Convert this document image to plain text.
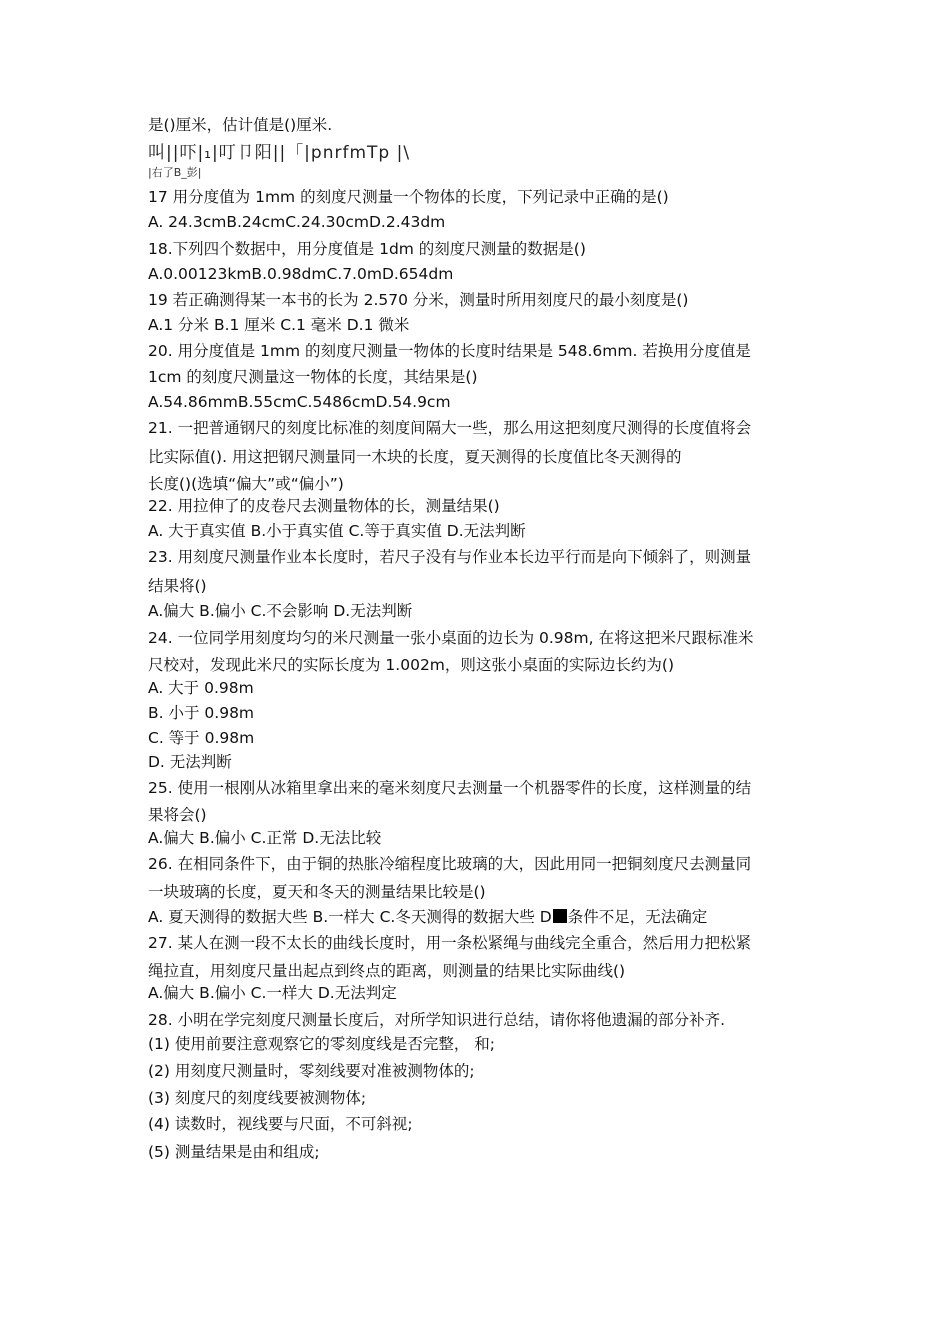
是()厘米，估计值是()厘米.
叫||吓|₁|叮卩阳||「|pnrfmTp |\
|右了B_彭|
17 用分度值为 1mm 的刻度尺测量一个物体的长度，下列记录中正确的是()
A. 24.3cmB.24cmC.24.30cmD.2.43dm
18.下列四个数据中，用分度值是 1dm 的刻度尺测量的数据是()
A.0.00123kmB.0.98dmC.7.0mD.654dm
19 若正确测得某一本书的长为 2.570 分米，测量时所用刻度尺的最小刻度是()
A.1 分米 B.1 厘米 C.1 毫米 D.1 微米
20. 用分度值是 1mm 的刻度尺测量一物体的长度时结果是 548.6mm. 若换用分度值是
1cm 的刻度尺测量这一物体的长度，其结果是()
A.54.86mmB.55cmC.5486cmD.54.9cm
21. 一把普通钢尺的刻度比标准的刻度间隔大一些，那么用这把刻度尺测得的长度值将会
比实际值(). 用这把钢尺测量同一木块的长度，夏天测得的长度值比冬天测得的
长度()(选填“偏大”或“偏小”)
22. 用拉伸了的皮卷尺去测量物体的长，测量结果()
A. 大于真实值 B.小于真实值 C.等于真实值 D.无法判断
23. 用刻度尺测量作业本长度时，若尺子没有与作业本长边平行而是向下倾斜了，则测量
结果将()
A.偏大 B.偏小 C.不会影响 D.无法判断
24. 一位同学用刻度均匀的米尺测量一张小桌面的边长为 0.98m, 在将这把米尺跟标准米
尺校对，发现此米尺的实际长度为 1.002m，则这张小桌面的实际边长约为()
A. 大于 0.98m
B. 小于 0.98m
C. 等于 0.98m
D. 无法判断
25. 使用一根刚从冰箱里拿出来的毫米刻度尺去测量一个机器零件的长度，这样测量的结
果将会()
A.偏大 B.偏小 C.正常 D.无法比较
26. 在相同条件下，由于铜的热胀冷缩程度比玻璃的大，因此用同一把铜刻度尺去测量同
一块玻璃的长度，夏天和冬天的测量结果比较是()
A. 夏天测得的数据大些 B.一样大 C.冬天测得的数据大些 D 条件不足，无法确定
27. 某人在测一段不太长的曲线长度时，用一条松紧绳与曲线完全重合，然后用力把松紧
绳拉直，用刻度尺量出起点到终点的距离，则测量的结果比实际曲线()
A.偏大 B.偏小 C.一样大 D.无法判定
28. 小明在学完刻度尺测量长度后，对所学知识进行总结，请你将他遗漏的部分补齐.
(1) 使用前要注意观察它的零刻度线是否完整， 和;
(2) 用刻度尺测量时，零刻线要对准被测物体的;
(3) 刻度尺的刻度线要被测物体;
(4) 读数时，视线要与尺面，不可斜视;
(5) 测量结果是由和组成;
